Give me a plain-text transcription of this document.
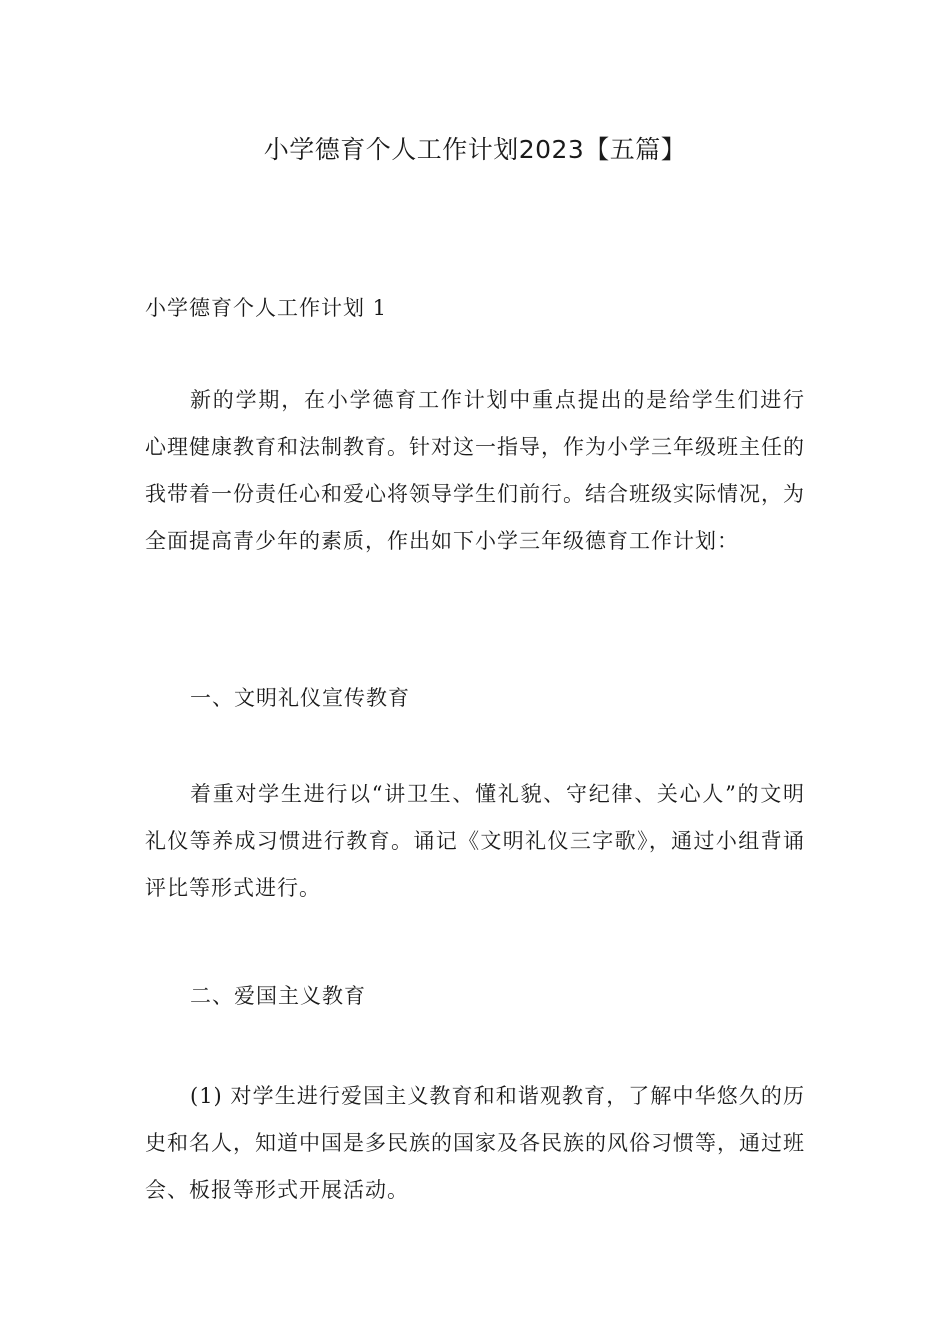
小学德育个人工作计划2023【五篇】

小学德育个人工作计划 1

新的学期，在小学德育工作计划中重点提出的是给学生们进行心理健康教育和法制教育。针对这一指导，作为小学三年级班主任的我带着一份责任心和爱心将领导学生们前行。结合班级实际情况，为全面提高青少年的素质，作出如下小学三年级德育工作计划：

一、文明礼仪宣传教育

着重对学生进行以“讲卫生、懂礼貌、守纪律、关心人”的文明礼仪等养成习惯进行教育。诵记《文明礼仪三字歌》，通过小组背诵评比等形式进行。

二、爱国主义教育

(1) 对学生进行爱国主义教育和和谐观教育，了解中华悠久的历史和名人，知道中国是多民族的国家及各民族的风俗习惯等，通过班会、板报等形式开展活动。
